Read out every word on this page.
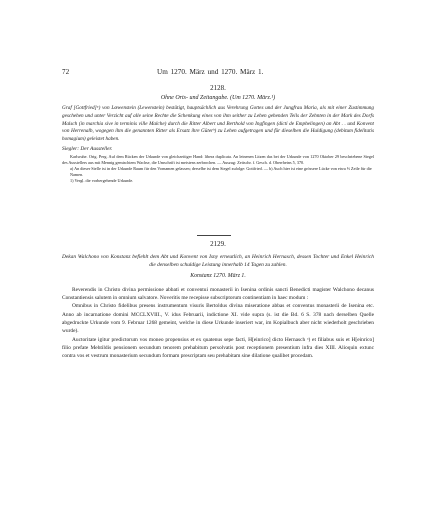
72	Um 1270. März und 1270. März 1.
2128.
Ohne Orts- und Zeitangabe. (Um 1270. März.¹)

Graf [Gottfried]ᵃ) von Lœwenstein (Lewenstein) bestätigt, hauptsächlich aus Verehrung Gottes und der Jungfrau Maria, als mit einer Zustimmung geschehen und unter Verzicht auf alle seine Rechte die Schenkung eines von ihm seither zu Lehen gehenden Teils der Zehnten in der Mark des Dorfs Malsch (in marchia sive in terminis ville Malche) durch die Ritter Albert und Berthold von Ingfingen (dicti de Emphelingen) an Abt . . und Konvent von Herrenalb, wogegen ihm die genannten Ritter als Ersatz ihre Güterᵇ) zu Lehen aufgetragen und für dieselben die Huldigung (debitum fidelitatis homagium) geleistet haben.

Siegler: Der Aussteller.

Karlsruhe. Orig. Perg. Auf dem Rücken der Urkunde von gleichzeitiger Hand: libera duplicata. An leinenen Litzen das bei der Urkunde von 1270 Oktober 29 beschriebene Siegel des Ausstellers aus mit Mennig gemischtem Wachse, die Umschrift ist meistens zerbrochen. — Auszug: Zeitschr. f. Gesch. d. Oberrheins 5, 370.

a) An dieser Stelle ist in der Urkunde Raum für den Vornamen gelassen; derselbe ist dem Siegel zufolge: Gottfried. — b) Auch hier ist eine grössere Lücke von etwa ⅔ Zeile für die Namen.

1) Vergl. die vorhergehende Urkunde.

2129.

Dekan Walchono von Konstanz befiehlt dem Abt und Konvent von Isny erneutlich, an Heinrich Hernasch, dessen Tochter und Enkel Heinrich die denselben schuldige Leistung innerhalb 14 Tagen zu zahlen.

Konstanz 1270. März 1.

Reverendis in Christo divina permissione abbati et conventui monasterii in Isenina ordinis sancti Benedicti magister Walchono decanus Constantiensis salutem in omnium salvatore. Noveritis me recepisse subscriptorum continentiam in haec modum :

Omnibus in Christo fidelibus presens instrumentum visuris Bertoldus divina miseratione abbas et conventus monasterii de Isenina etc. Anno ab incarnatione domini MCCLXVIII., V. idus Februarii, indictione XI. vide supra (s. ist die Bd. 6 S. 378 nach derselben Quelle abgedruckte Urkunde vom 9. Februar 1268 gemeint, welche in diese Urkunde inseriert war, im Kopialbuch aber nicht wiederholt geschrieben wurde).

Auctoritate igitur predictorum vos moneo propensius et ex quatenus sepe facti, H[einrico] dicto Hernasch ᵃ) et filiabus suis et H[einrico] filio prefate Mehtildis pensionem secundum tenorem prehabitum persolvatis post receptionem presentium infra dies XIII. Alioquin extunc contra vos et vestrum monasterium secundum formam prescriptam seu prehabitam sine dilatione qualibet procedam.
